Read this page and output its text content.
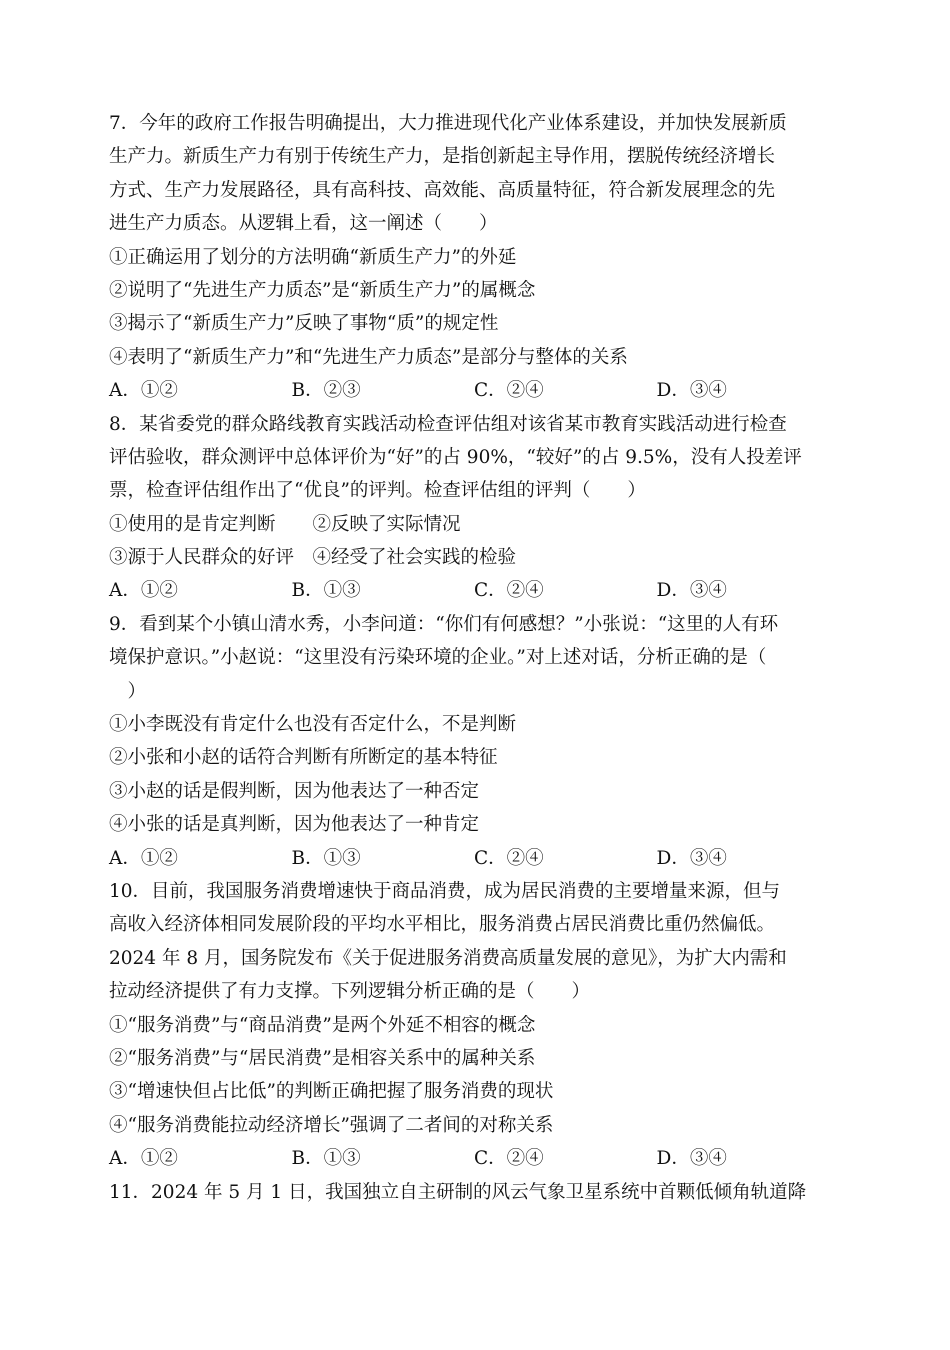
7．今年的政府工作报告明确提出，大力推进现代化产业体系建设，并加快发展新质
生产力。新质生产力有别于传统生产力，是指创新起主导作用，摆脱传统经济增长
方式、生产力发展路径，具有高科技、高效能、高质量特征，符合新发展理念的先
进生产力质态。从逻辑上看，这一阐述（　　）
①正确运用了划分的方法明确“新质生产力”的外延
②说明了“先进生产力质态”是“新质生产力”的属概念
③揭示了“新质生产力”反映了事物“质”的规定性
④表明了“新质生产力”和“先进生产力质态”是部分与整体的关系
A．①②	B．②③	C．②④	D．③④
8．某省委党的群众路线教育实践活动检查评估组对该省某市教育实践活动进行检查
评估验收，群众测评中总体评价为“好”的占 90%，“较好”的占 9.5%，没有人投差评
票，检查评估组作出了“优良”的评判。检查评估组的评判（　　）
①使用的是肯定判断　　②反映了实际情况
③源于人民群众的好评　④经受了社会实践的检验
A．①②	B．①③	C．②④	D．③④
9．看到某个小镇山清水秀，小李问道：“你们有何感想？”小张说：“这里的人有环
境保护意识。”小赵说：“这里没有污染环境的企业。”对上述对话，分析正确的是（
　）
①小李既没有肯定什么也没有否定什么，不是判断
②小张和小赵的话符合判断有所断定的基本特征
③小赵的话是假判断，因为他表达了一种否定
④小张的话是真判断，因为他表达了一种肯定
A．①②	B．①③	C．②④	D．③④
10．目前，我国服务消费增速快于商品消费，成为居民消费的主要增量来源，但与
高收入经济体相同发展阶段的平均水平相比，服务消费占居民消费比重仍然偏低。
2024 年 8 月，国务院发布《关于促进服务消费高质量发展的意见》，为扩大内需和
拉动经济提供了有力支撑。下列逻辑分析正确的是（　　）
①“服务消费”与“商品消费”是两个外延不相容的概念
②“服务消费”与“居民消费”是相容关系中的属种关系
③“增速快但占比低”的判断正确把握了服务消费的现状
④“服务消费能拉动经济增长”强调了二者间的对称关系
A．①②	B．①③	C．②④	D．③④
11．2024 年 5 月 1 日，我国独立自主研制的风云气象卫星系统中首颗低倾角轨道降
